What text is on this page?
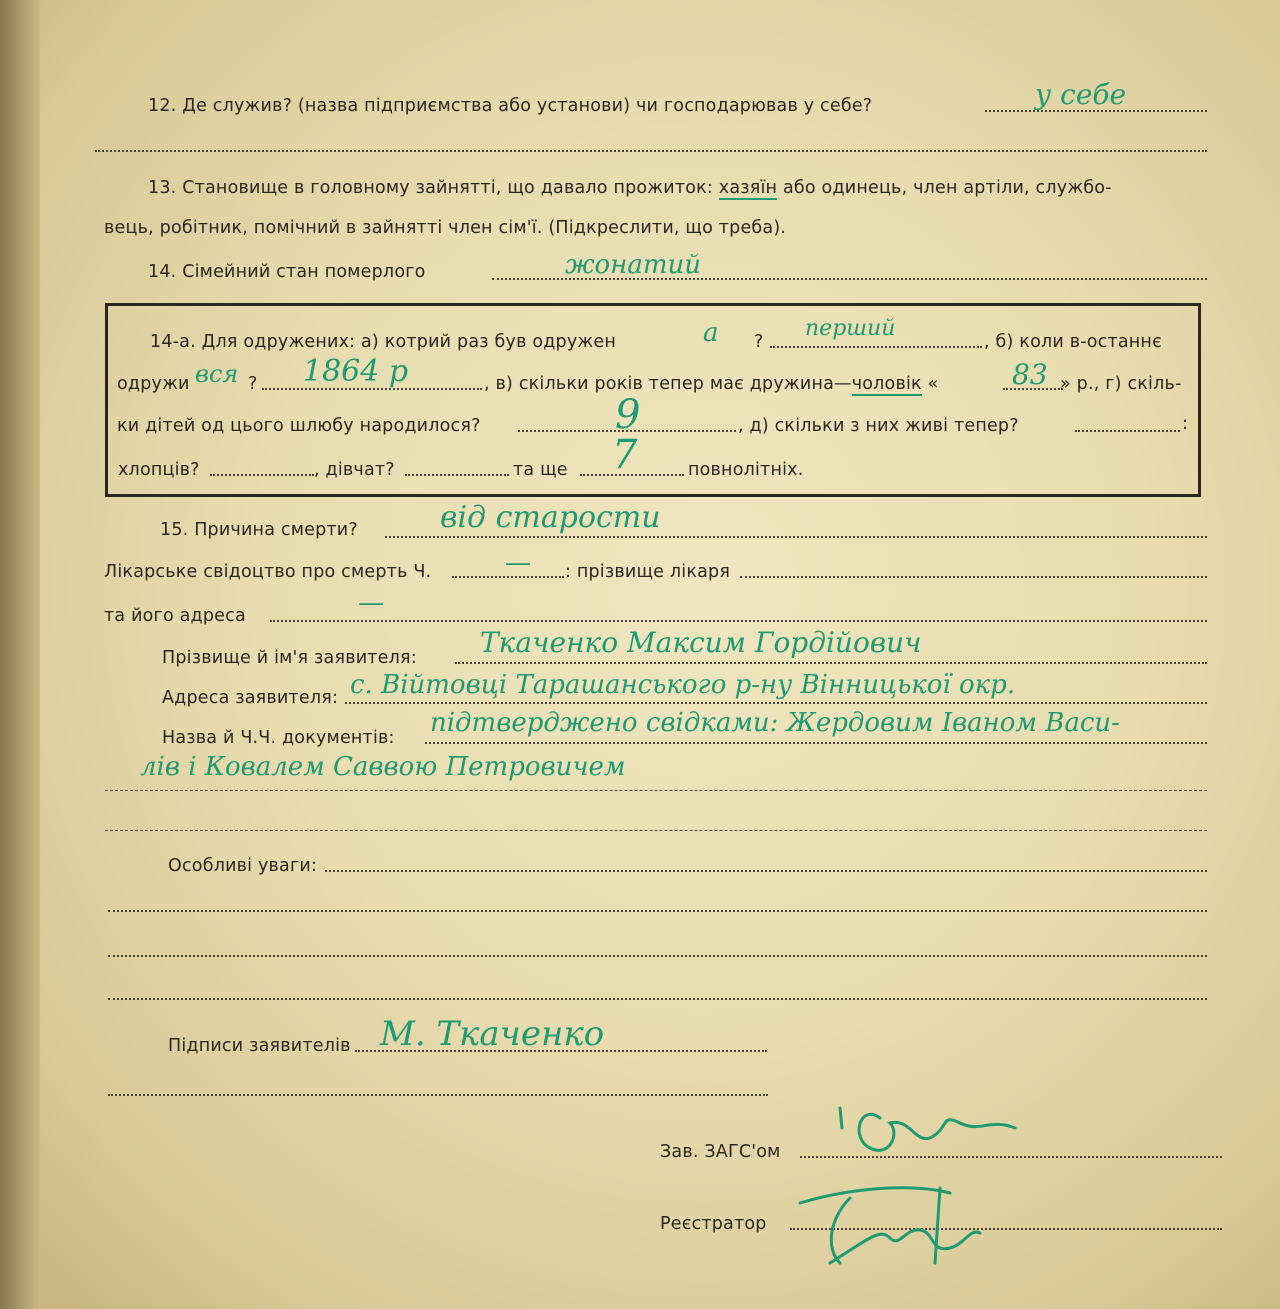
12. Де служив? (назва підприємства або установи) чи господарював у себе?	у себе
13. Становище в головному зайнятті, що давало прожиток: хазяїн або одинець, член артіли, службо-
вець, робітник, помічний в зайнятті член сім'ї. (Підкреслити, що треба).
14. Сімейний стан померлого	жонатий
14-а. Для одружених: а) котрий раз був одружен	а ?
перший
, б) коли в-останнє
одружи вся ? 1864 р	, в) скільки років тепер має дружина—чоловік «	83 » р., г) скіль-
ки дітей од цього шлюбу народилося?	9	, д) скільки з них живі тепер?	:
хлопців?	, дівчат?	та ще 7	повнолітніх.
15. Причина смерти?	від старости
Лікарське свідоцтво про смерть Ч.	— : прізвище лікаря
та його адреса	—
Прізвище й ім'я заявителя: Ткаченко Максим Гордійович
Адреса заявителя: с. Війтовці Тарашанського р-ну Вінницької окр.
Назва й Ч.Ч. документів: підтверджено свідками: Жердовим Іваном Васи-
лів і Ковалем Саввою Петровичем
Особливі уваги:
Підписи заявителів М. Ткаченко
Зав. ЗАГС'ом
Реєстратор
